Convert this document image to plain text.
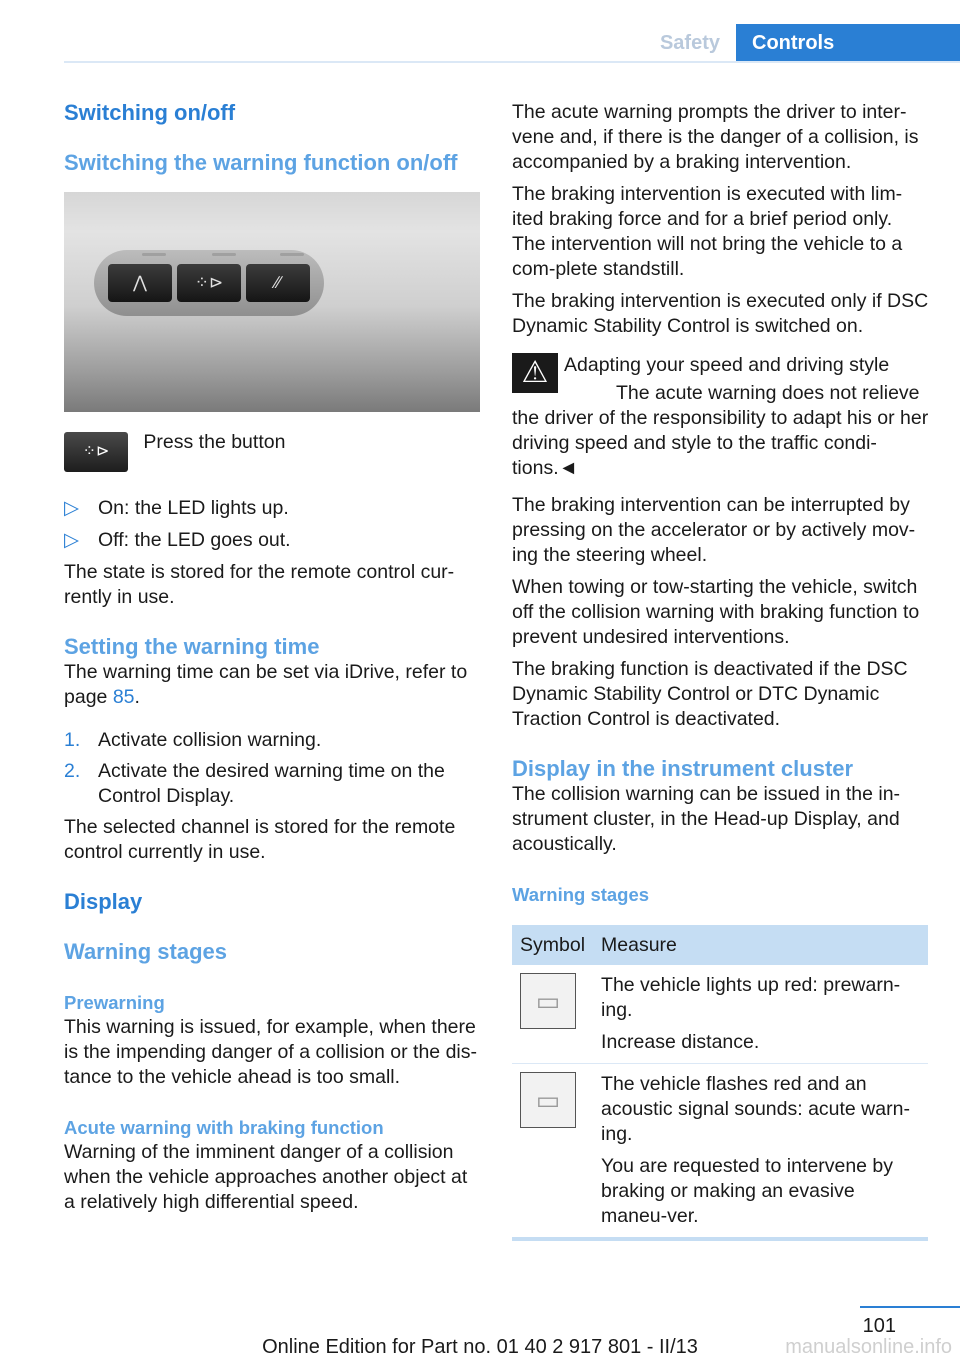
Safety	Controls
Switching on/off
Switching the warning function on/off
⋀	⁘⊳	∕∕
⁘⊳ Press the button
▷ On: the LED lights up.
▷ Off: the LED goes out.

The state is stored for the remote control cur-rently in use.

Setting the warning time

The warning time can be set via iDrive, refer to page 85.

1. Activate collision warning.
2. Activate the desired warning time on the Control Display.

The selected channel is stored for the remote control currently in use.

Display
Warning stages
Prewarning

This warning is issued, for example, when there is the impending danger of a collision or the dis-tance to the vehicle ahead is too small.

Acute warning with braking function

Warning of the imminent danger of a collision when the vehicle approaches another object at a relatively high differential speed.

The acute warning prompts the driver to inter-vene and, if there is the danger of a collision, is accompanied by a braking intervention.

The braking intervention is executed with lim-ited braking force and for a brief period only. The intervention will not bring the vehicle to a com-plete standstill.

The braking intervention is executed only if DSC Dynamic Stability Control is switched on.

⚠ Adapting your speed and driving style

The acute warning does not relieve the driver of the responsibility to adapt his or her driving speed and style to the traffic condi-tions.◄

The braking intervention can be interrupted by pressing on the accelerator or by actively mov-ing the steering wheel.

When towing or tow-starting the vehicle, switch off the collision warning with braking function to prevent undesired interventions.

The braking function is deactivated if the DSC Dynamic Stability Control or DTC Dynamic Traction Control is deactivated.

Display in the instrument cluster

The collision warning can be issued in the in-strument cluster, in the Head-up Display, and acoustically.

Warning stages
Symbol	Measure

▭	The vehicle lights up red: prewarn-ing.

Increase distance.

▭	The vehicle flashes red and an acoustic signal sounds: acute warn-ing.

You are requested to intervene by braking or making an evasive maneu-ver.

101
Online Edition for Part no. 01 40 2 917 801 - II/13	manualsonline.info
